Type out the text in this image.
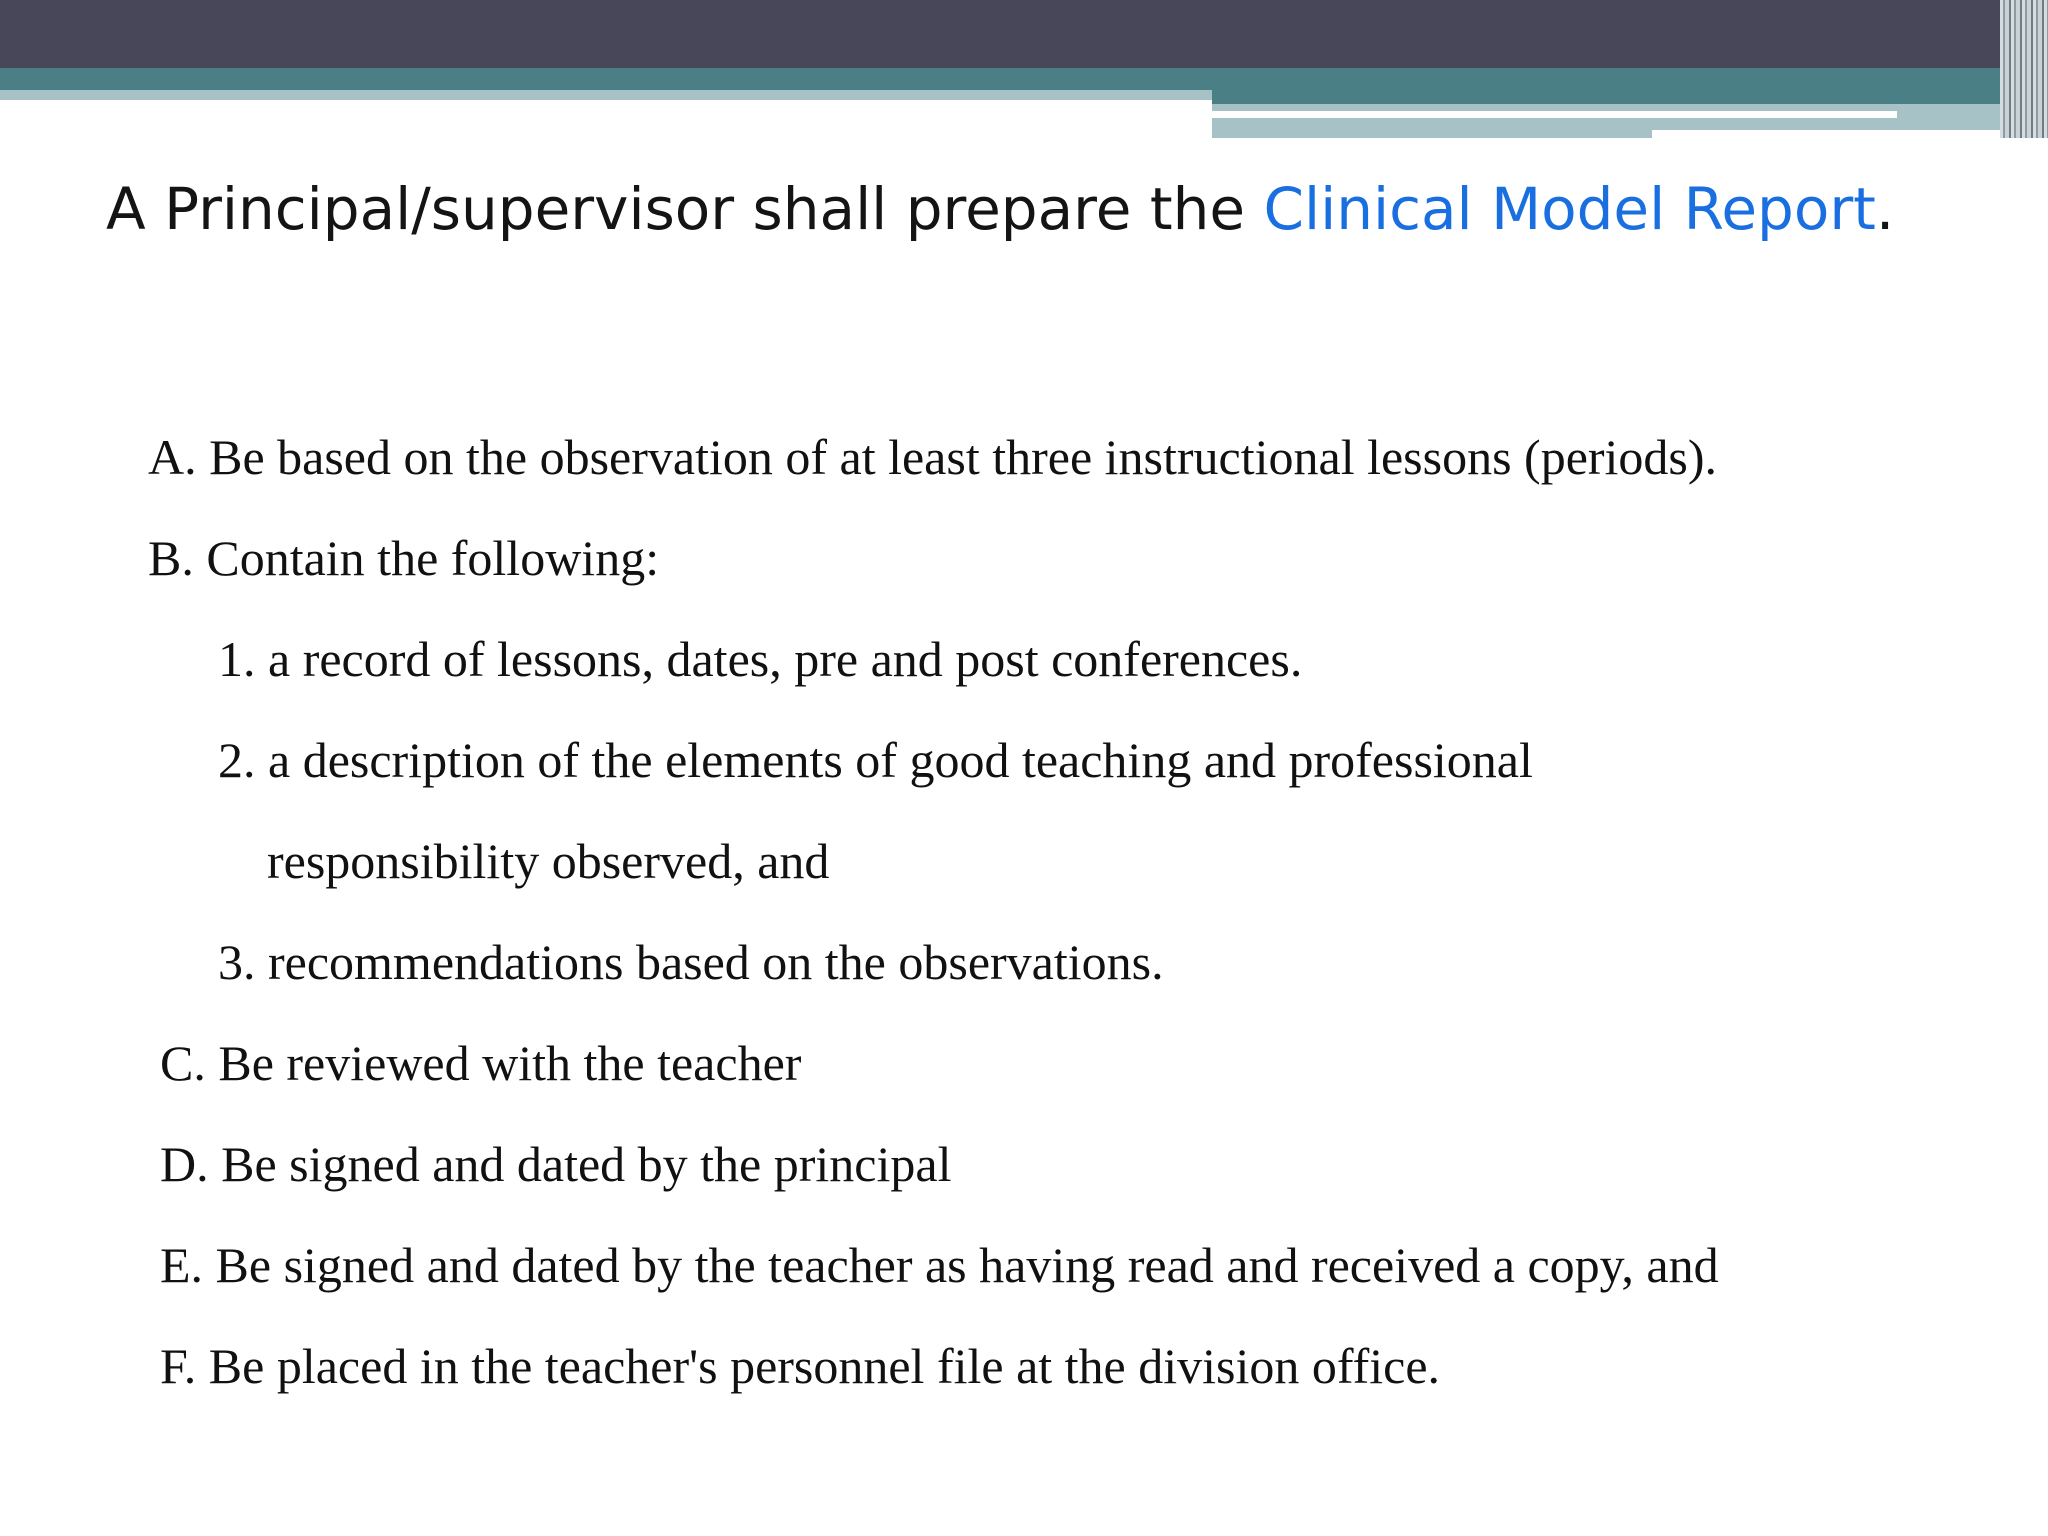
A Principal/supervisor shall prepare the Clinical Model Report.

A. Be based on the observation of at least three instructional lessons (periods).

B. Contain the following:

1. a record of lessons, dates, pre and post conferences.

2. a description of the elements of good teaching and professional

responsibility observed, and

3. recommendations based on the observations.

C. Be reviewed with the teacher

D. Be signed and dated by the principal

E. Be signed and dated by the teacher as having read and received a copy, and

F. Be placed in the teacher's personnel file at the division office.
